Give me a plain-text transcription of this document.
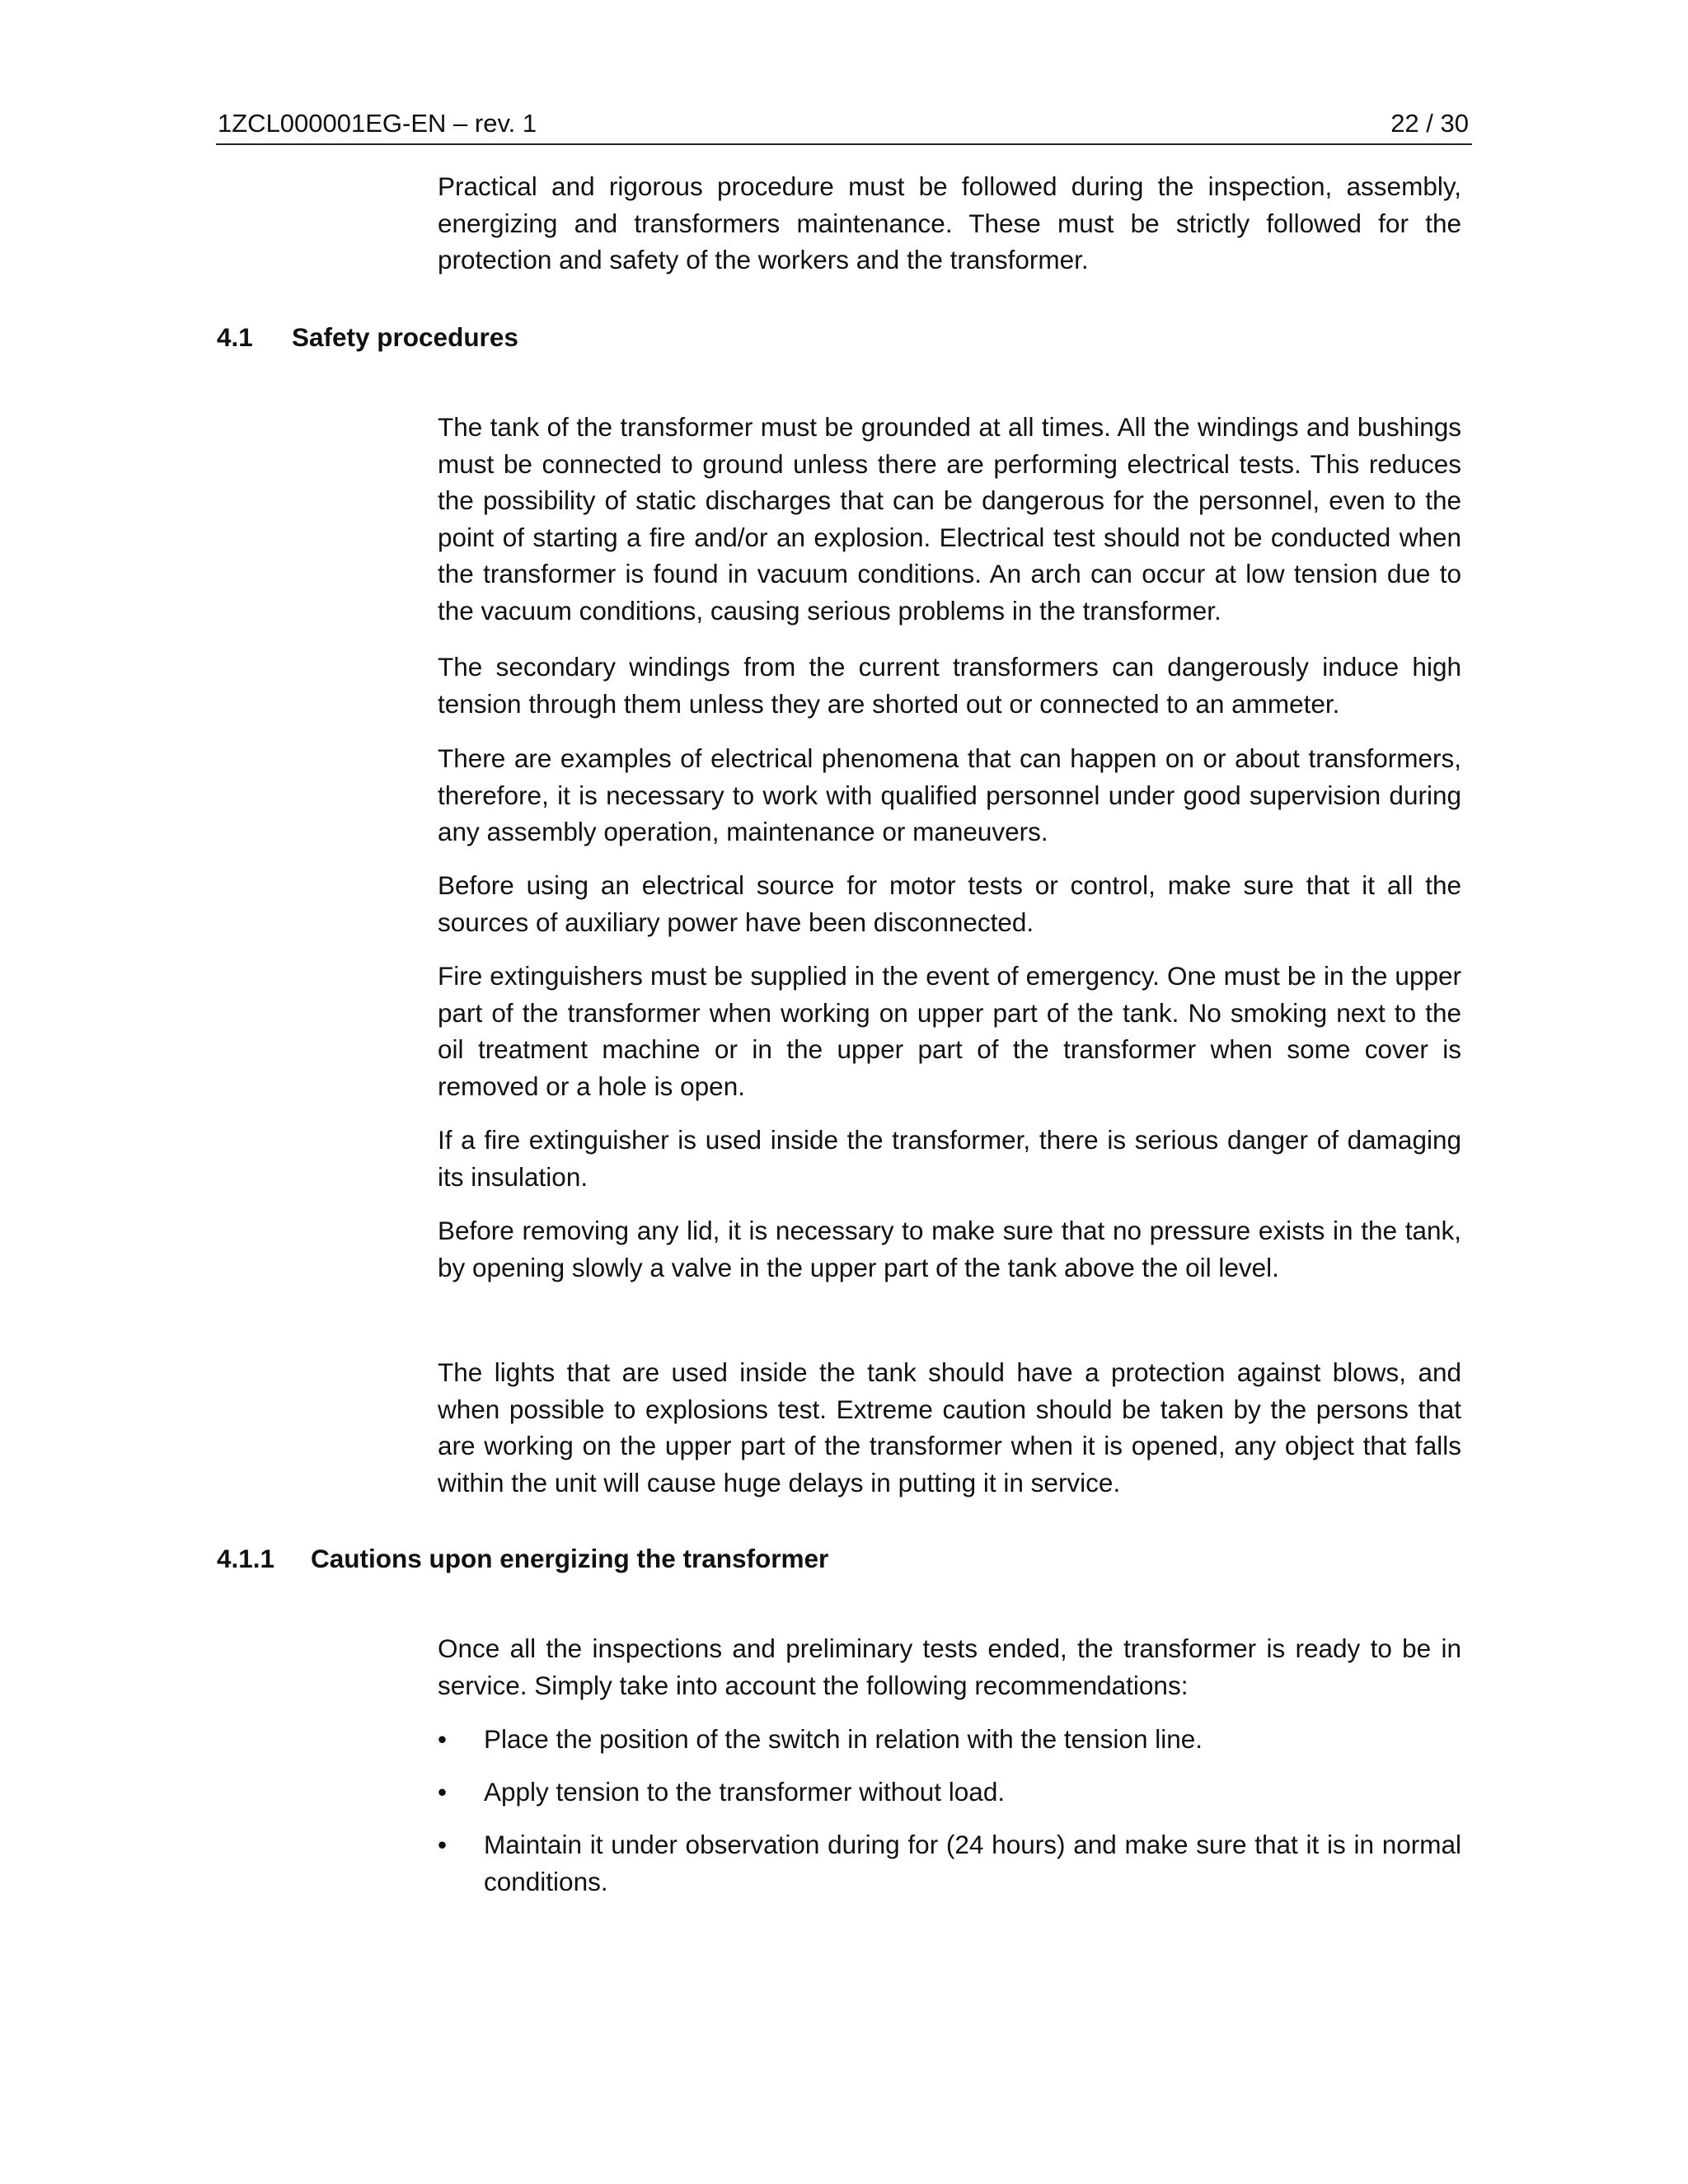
1ZCL000001EG-EN – rev. 1	22 / 30

Practical and rigorous procedure must be followed during the inspection, assembly, energizing and transformers maintenance. These must be strictly followed for the protection and safety of the workers and the transformer.

4.1 Safety procedures

The tank of the transformer must be grounded at all times. All the windings and bushings must be connected to ground unless there are performing electrical tests. This reduces the possibility of static discharges that can be dangerous for the personnel, even to the point of starting a fire and/or an explosion. Electrical test should not be conducted when the transformer is found in vacuum conditions. An arch can occur at low tension due to the vacuum conditions, causing serious problems in the transformer.

The secondary windings from the current transformers can dangerously induce high tension through them unless they are shorted out or connected to an ammeter.

There are examples of electrical phenomena that can happen on or about transformers, therefore, it is necessary to work with qualified personnel under good supervision during any assembly operation, maintenance or maneuvers.

Before using an electrical source for motor tests or control, make sure that it all the sources of auxiliary power have been disconnected.

Fire extinguishers must be supplied in the event of emergency. One must be in the upper part of the transformer when working on upper part of the tank. No smoking next to the oil treatment machine or in the upper part of the transformer when some cover is removed or a hole is open.

If a fire extinguisher is used inside the transformer, there is serious danger of damaging its insulation.

Before removing any lid, it is necessary to make sure that no pressure exists in the tank, by opening slowly a valve in the upper part of the tank above the oil level.

The lights that are used inside the tank should have a protection against blows, and when possible to explosions test. Extreme caution should be taken by the persons that are working on the upper part of the transformer when it is opened, any object that falls within the unit will cause huge delays in putting it in service.

4.1.1 Cautions upon energizing the transformer

Once all the inspections and preliminary tests ended, the transformer is ready to be in service. Simply take into account the following recommendations:

• Place the position of the switch in relation with the tension line.
• Apply tension to the transformer without load.
• Maintain it under observation during for (24 hours) and make sure that it is in normal conditions.
